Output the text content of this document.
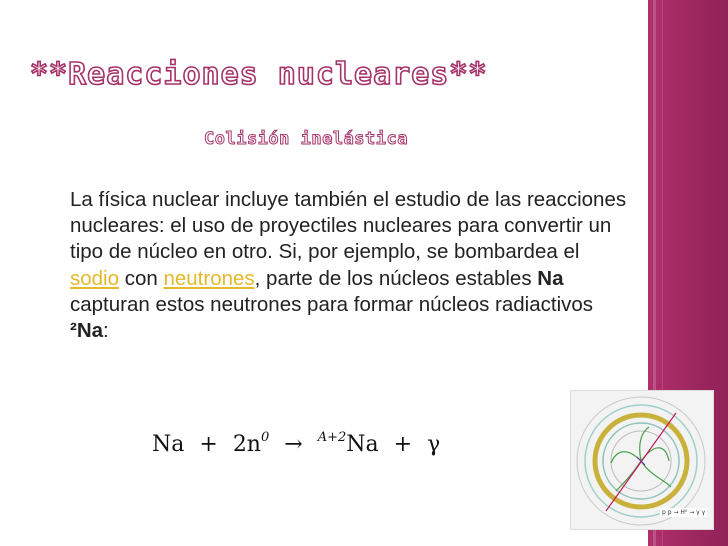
**Reacciones nucleares**
Colisión inelástica
La física nuclear incluye también el estudio de las reacciones nucleares: el uso de proyectiles nucleares para convertir un tipo de núcleo en otro. Si, por ejemplo, se bombardea el sodio con neutrones, parte de los núcleos estables Na capturan estos neutrones para formar núcleos radiactivos ²Na:
$Na + 2n^0 \to ^{A+2}Na + \gamma$
p p → H⁰ → γ γ
